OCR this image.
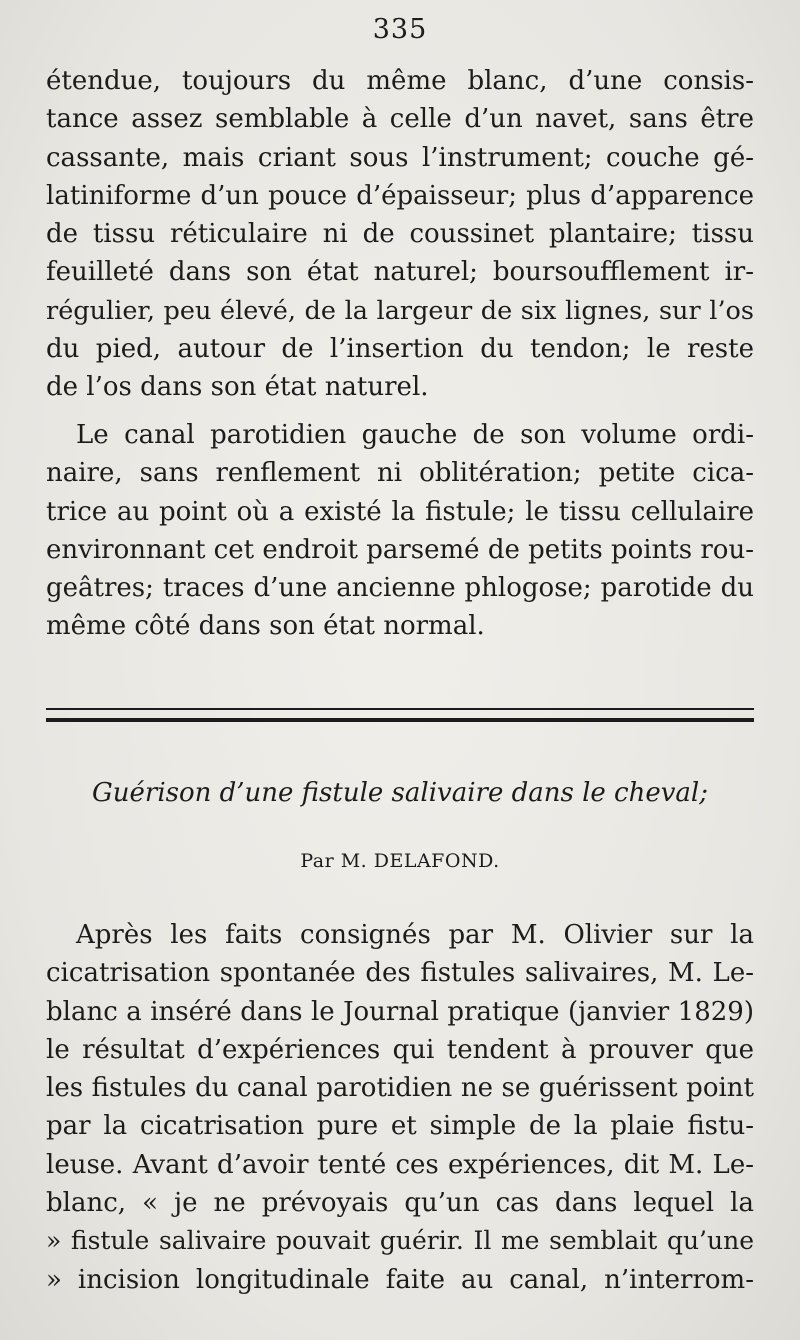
335
étendue, toujours du même blanc, d’une consis-
tance assez semblable à celle d’un navet, sans être
cassante, mais criant sous l’instrument; couche gé-
latiniforme d’un pouce d’épaisseur; plus d’apparence
de tissu réticulaire ni de coussinet plantaire; tissu
feuilleté dans son état naturel; boursoufflement ir-
régulier, peu élevé, de la largeur de six lignes, sur l’os
du pied, autour de l’insertion du tendon; le reste
de l’os dans son état naturel.
Le canal parotidien gauche de son volume ordi-
naire, sans renflement ni oblitération; petite cica-
trice au point où a existé la fistule; le tissu cellulaire
environnant cet endroit parsemé de petits points rou-
geâtres; traces d’une ancienne phlogose; parotide du
même côté dans son état normal.
Guérison d’une fistule salivaire dans le cheval;
Par M. DELAFOND.
Après les faits consignés par M. Olivier sur la
cicatrisation spontanée des fistules salivaires, M. Le-
blanc a inséré dans le Journal pratique (janvier 1829)
le résultat d’expériences qui tendent à prouver que
les fistules du canal parotidien ne se guérissent point
par la cicatrisation pure et simple de la plaie fistu-
leuse. Avant d’avoir tenté ces expériences, dit M. Le-
blanc, « je ne prévoyais qu’un cas dans lequel la
» fistule salivaire pouvait guérir. Il me semblait qu’une
» incision longitudinale faite au canal, n’interrom-
